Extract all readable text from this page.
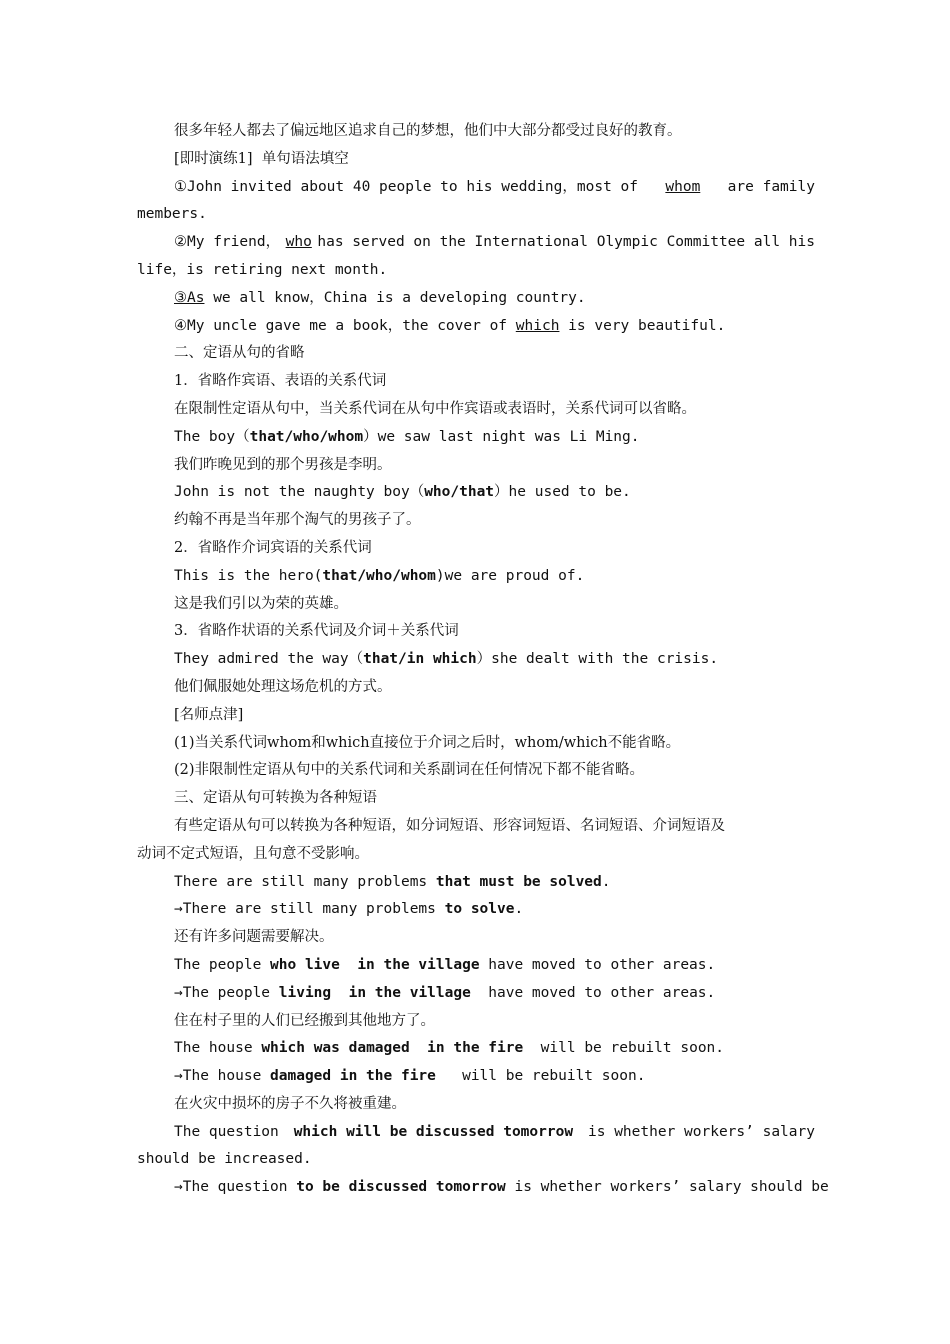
很多年轻人都去了偏远地区追求自己的梦想，他们中大部分都受过良好的教育。
[即时演练1]  单句语法填空
①John invited about 40 people to his wedding，most of whom are family
members.
②My friend， who has served on the International Olympic Committee all his
life，is retiring next month.
③As we all know，China is a developing country.
④My uncle gave me a book，the cover of which is very beautiful.
二、定语从句的省略
1．省略作宾语、表语的关系代词
在限制性定语从句中，当关系代词在从句中作宾语或表语时，关系代词可以省略。
The boy（that/who/whom）we saw last night was Li Ming.
我们昨晚见到的那个男孩是李明。
John is not the naughty boy（who/that）he used to be.
约翰不再是当年那个淘气的男孩子了。
2．省略作介词宾语的关系代词
This is the hero(that/who/whom)we are proud of.
这是我们引以为荣的英雄。
3．省略作状语的关系代词及介词＋关系代词
They admired the way（that/in which）she dealt with the crisis.
他们佩服她处理这场危机的方式。
[名师点津]
(1)当关系代词whom和which直接位于介词之后时，whom/which不能省略。
(2)非限制性定语从句中的关系代词和关系副词在任何情况下都不能省略。
三、定语从句可转换为各种短语
有些定语从句可以转换为各种短语，如分词短语、形容词短语、名词短语、介词短语及
动词不定式短语，且句意不受影响。
There are still many problems that must be solved.
→There are still many problems to solve.
还有许多问题需要解决。
The people who live  in the village have moved to other areas.
→The people living  in the village  have moved to other areas.
住在村子里的人们已经搬到其他地方了。
The house which was damaged  in the fire  will be rebuilt soon.
→The house damaged in the fire   will be rebuilt soon.
在火灾中损坏的房子不久将被重建。
The question which will be discussed tomorrow is whether workers’ salary
should be increased.
→The question to be discussed tomorrow is whether workers’ salary should be
